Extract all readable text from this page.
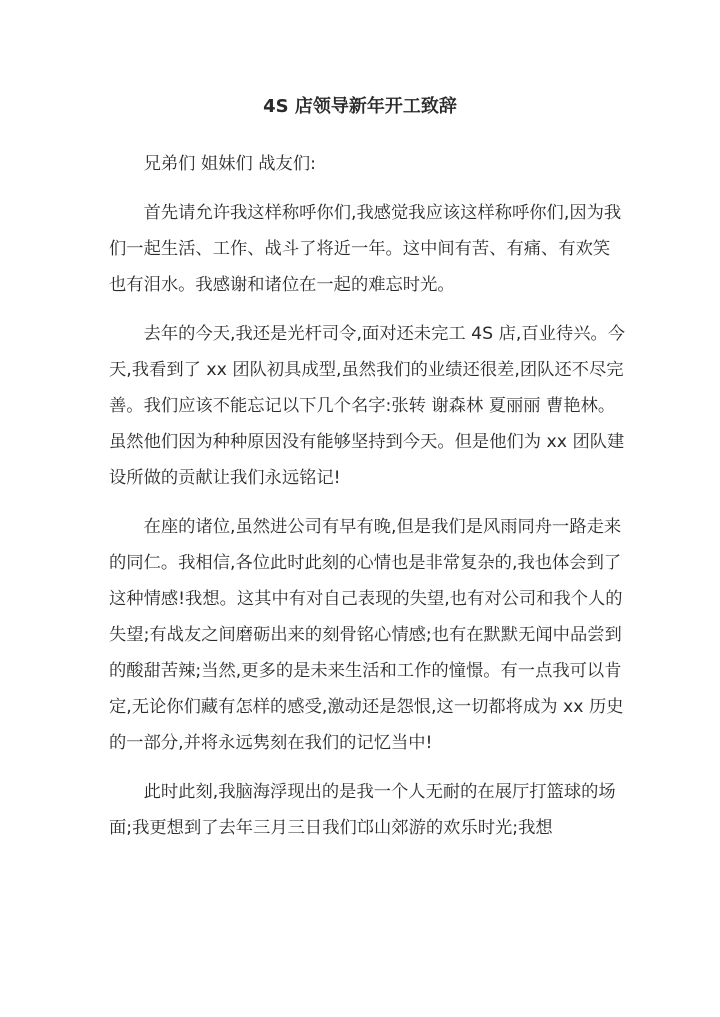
4S 店领导新年开工致辞

兄弟们 姐妹们 战友们:

首先请允许我这样称呼你们,我感觉我应该这样称呼你们,因为我们一起生活、工作、战斗了将近一年。这中间有苦、有痛、有欢笑也有泪水。我感谢和诸位在一起的难忘时光。

去年的今天,我还是光杆司令,面对还未完工 4S 店,百业待兴。今天,我看到了 xx 团队初具成型,虽然我们的业绩还很差,团队还不尽完善。我们应该不能忘记以下几个名字:张转 谢森林 夏丽丽 曹艳林。虽然他们因为种种原因没有能够坚持到今天。但是他们为 xx 团队建设所做的贡献让我们永远铭记!

在座的诸位,虽然进公司有早有晚,但是我们是风雨同舟一路走来的同仁。我相信,各位此时此刻的心情也是非常复杂的,我也体会到了这种情感!我想。这其中有对自己表现的失望,也有对公司和我个人的失望;有战友之间磨砺出来的刻骨铭心情感;也有在默默无闻中品尝到的酸甜苦辣;当然,更多的是未来生活和工作的憧憬。有一点我可以肯定,无论你们藏有怎样的感受,激动还是怨恨,这一切都将成为 xx 历史的一部分,并将永远隽刻在我们的记忆当中!

此时此刻,我脑海浮现出的是我一个人无耐的在展厅打篮球的场面;我更想到了去年三月三日我们邙山郊游的欢乐时光;我想
